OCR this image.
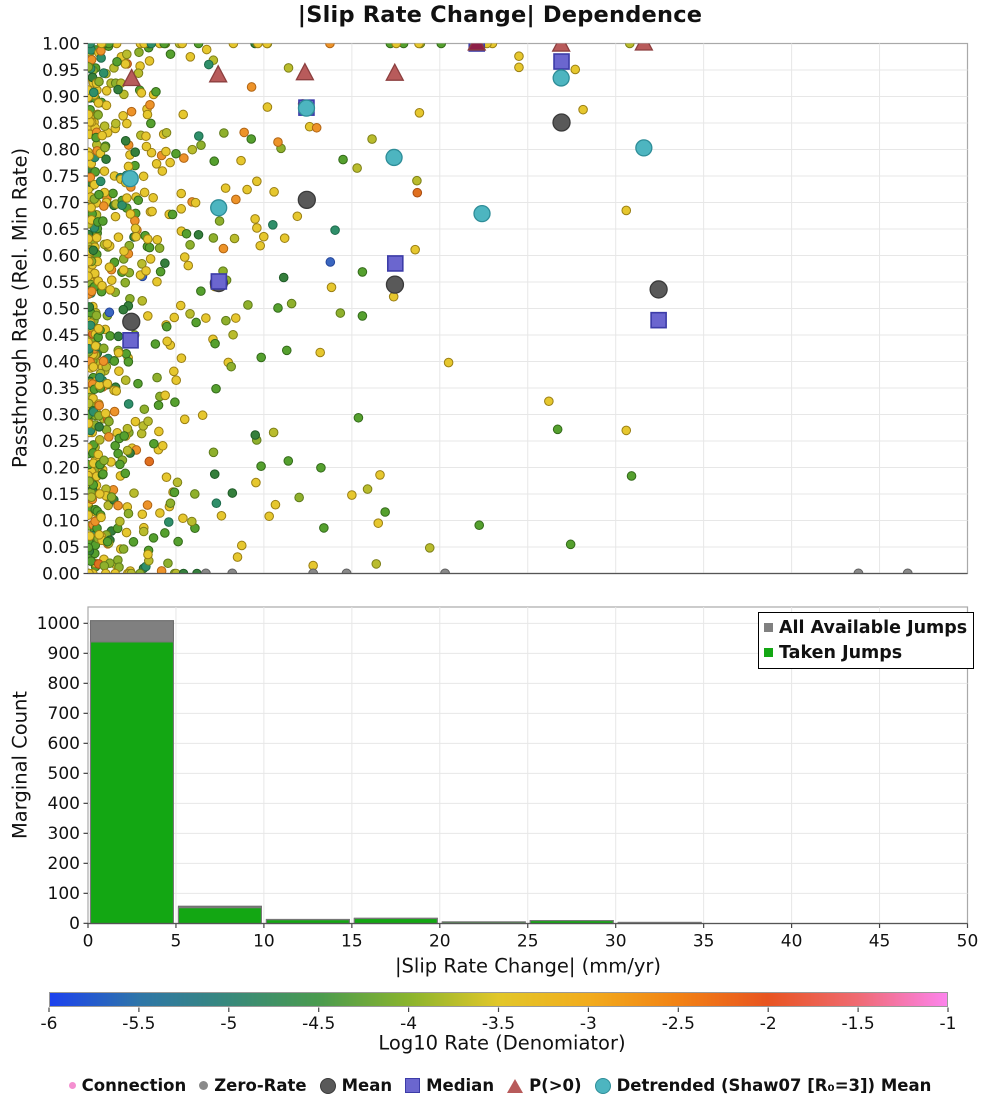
0.00
0.05
0.10
0.15
0.20
0.25
0.30
0.35
0.40
0.45
0.50
0.55
0.60
0.65
0.70
0.75
0.80
0.85
0.90
0.95
1.00
0
100
200
300
400
500
600
700
800
900
1000
0	5	10	15	20	25	30	35	40	45	50
|Slip Rate Change| Dependence
Passthrough Rate (Rel. Min Rate)
Marginal Count
|Slip Rate Change| (mm/yr)
Log10 Rate (Denomiator)
All Available Jumps
Taken Jumps
Connection Zero-Rate Mean Median P(>0) Detrended (Shaw07 [R₀=3]) Mean
-6	-5.5	-5	-4.5	-4	-3.5	-3	-2.5	-2	-1.5	-1
